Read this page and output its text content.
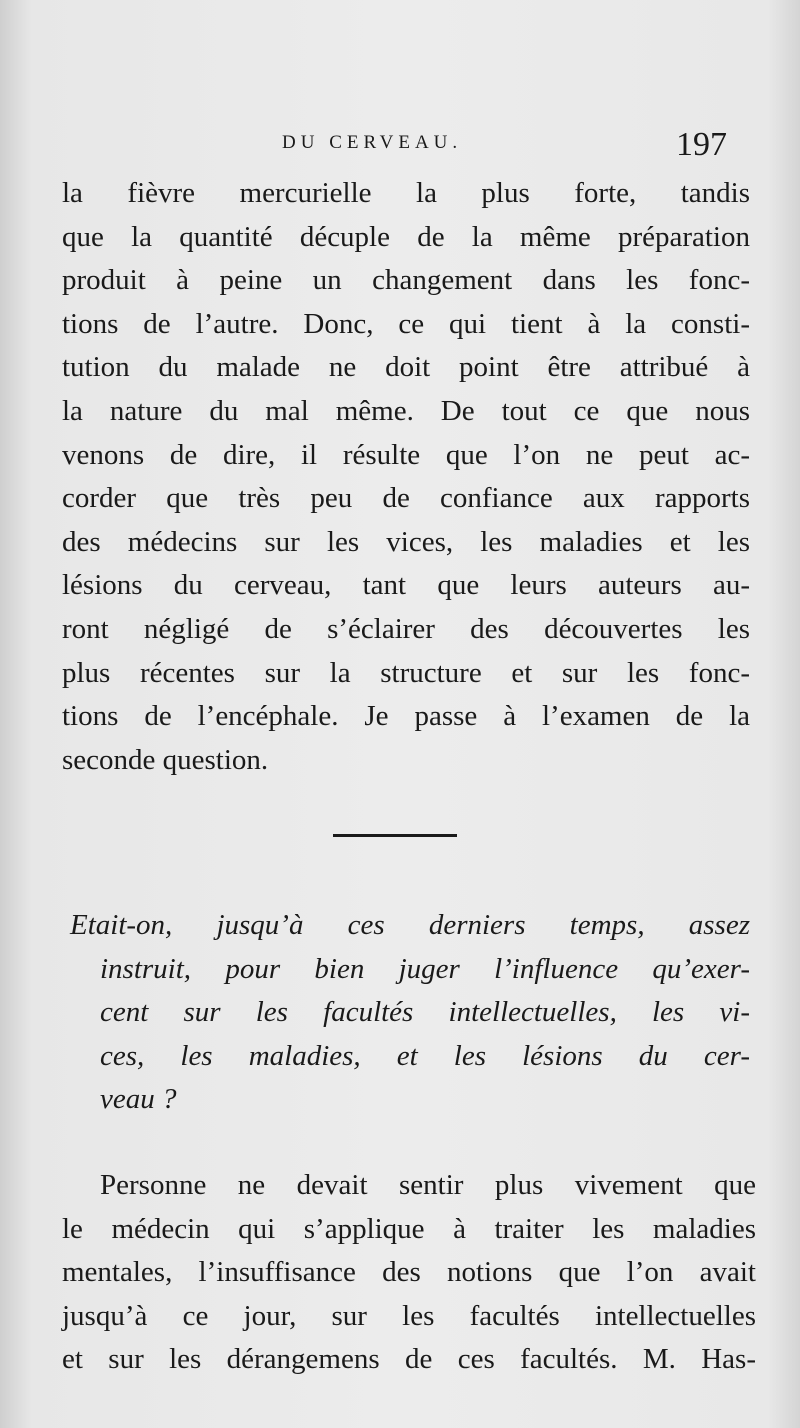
DU CERVEAU.	197
la fièvre mercurielle la plus forte, tandis
que la quantité décuple de la même préparation
produit à peine un changement dans les fonc-
tions de l’autre. Donc, ce qui tient à la consti-
tution du malade ne doit point être attribué à
la nature du mal même. De tout ce que nous
venons de dire, il résulte que l’on ne peut ac-
corder que très peu de confiance aux rapports
des médecins sur les vices, les maladies et les
lésions du cerveau, tant que leurs auteurs au-
ront négligé de s’éclairer des découvertes les
plus récentes sur la structure et sur les fonc-
tions de l’encéphale. Je passe à l’examen de la
seconde question.
Etait-on, jusqu’à ces derniers temps, assez
instruit, pour bien juger l’influence qu’exer-
cent sur les facultés intellectuelles, les vi-
ces, les maladies, et les lésions du cer-
veau ?
Personne ne devait sentir plus vivement que
le médecin qui s’applique à traiter les maladies
mentales, l’insuffisance des notions que l’on avait
jusqu’à ce jour, sur les facultés intellectuelles
et sur les dérangemens de ces facultés. M. Has-
